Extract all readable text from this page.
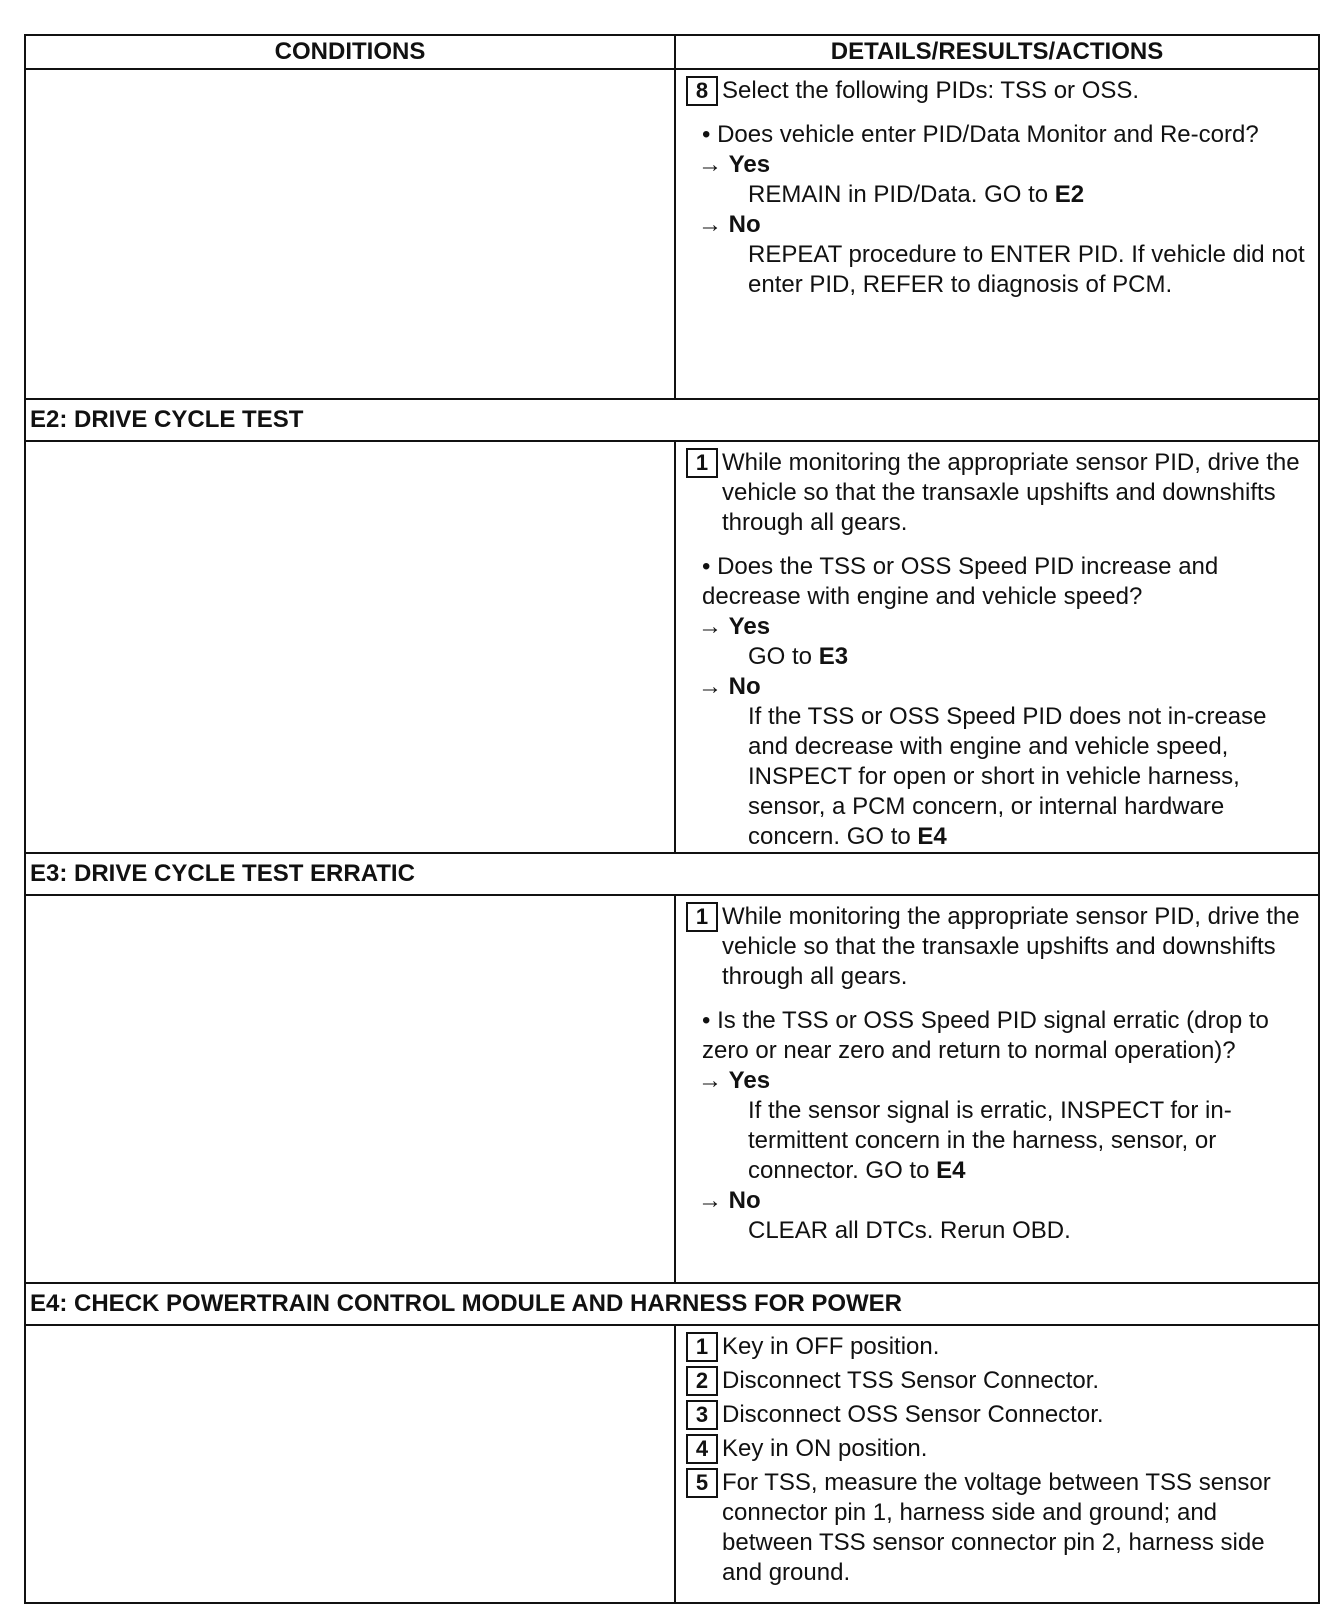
CONDITIONS	DETAILS/RESULTS/ACTIONS
8 Select the following PIDs: TSS or OSS.
• Does vehicle enter PID/Data Monitor and Re-cord?
→ Yes
REMAIN in PID/Data. GO to E2
→ No
REPEAT procedure to ENTER PID. If vehicle did not enter PID, REFER to diagnosis of PCM.
E2: DRIVE CYCLE TEST
1 While monitoring the appropriate sensor PID, drive the vehicle so that the transaxle upshifts and downshifts through all gears.
• Does the TSS or OSS Speed PID increase and decrease with engine and vehicle speed?
→ Yes
GO to E3
→ No
If the TSS or OSS Speed PID does not in-crease and decrease with engine and vehicle speed, INSPECT for open or short in vehicle harness, sensor, a PCM concern, or internal hardware concern. GO to E4
E3: DRIVE CYCLE TEST ERRATIC
1 While monitoring the appropriate sensor PID, drive the vehicle so that the transaxle upshifts and downshifts through all gears.
• Is the TSS or OSS Speed PID signal erratic (drop to zero or near zero and return to normal operation)?
→ Yes
If the sensor signal is erratic, INSPECT for in-termittent concern in the harness, sensor, or connector. GO to E4
→ No
CLEAR all DTCs. Rerun OBD.
E4: CHECK POWERTRAIN CONTROL MODULE AND HARNESS FOR POWER
1 Key in OFF position.
2 Disconnect TSS Sensor Connector.
3 Disconnect OSS Sensor Connector.
4 Key in ON position.
5 For TSS, measure the voltage between TSS sensor connector pin 1, harness side and ground; and between TSS sensor connector pin 2, harness side and ground.
